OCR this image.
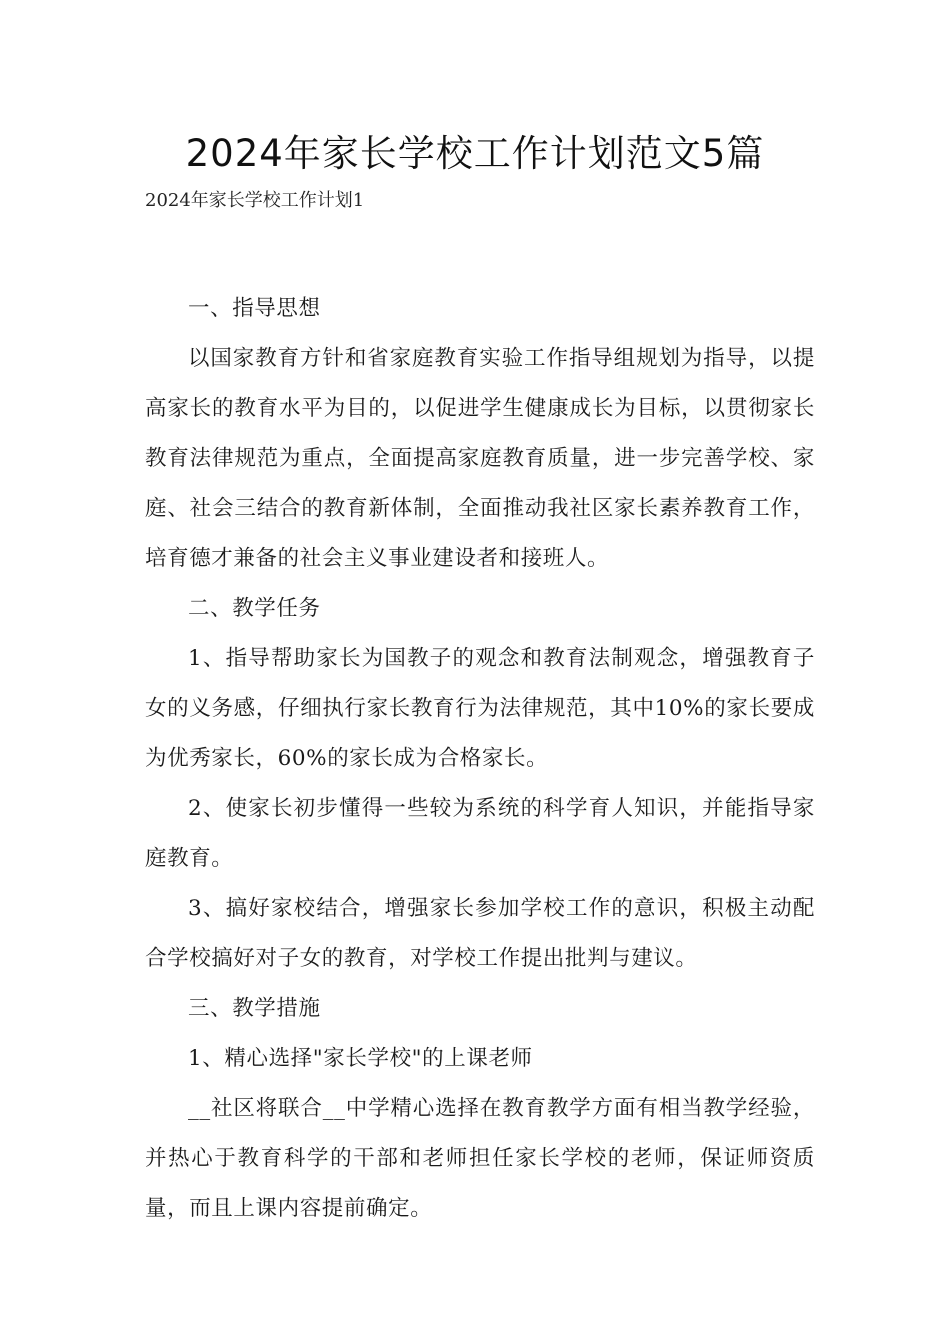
2024年家长学校工作计划范文5篇
2024年家长学校工作计划1

一、指导思想

以国家教育方针和省家庭教育实验工作指导组规划为指导，以提高家长的教育水平为目的，以促进学生健康成长为目标，以贯彻家长教育法律规范为重点，全面提高家庭教育质量，进一步完善学校、家庭、社会三结合的教育新体制，全面推动我社区家长素养教育工作，培育德才兼备的社会主义事业建设者和接班人。

二、教学任务

1、指导帮助家长为国教子的观念和教育法制观念，增强教育子女的义务感，仔细执行家长教育行为法律规范，其中10%的家长要成为优秀家长，60%的家长成为合格家长。

2、使家长初步懂得一些较为系统的科学育人知识，并能指导家庭教育。

3、搞好家校结合，增强家长参加学校工作的意识，积极主动配合学校搞好对子女的教育，对学校工作提出批判与建议。

三、教学措施

1、精心选择"家长学校"的上课老师

__社区将联合__中学精心选择在教育教学方面有相当教学经验，并热心于教育科学的干部和老师担任家长学校的老师，保证师资质量，而且上课内容提前确定。
